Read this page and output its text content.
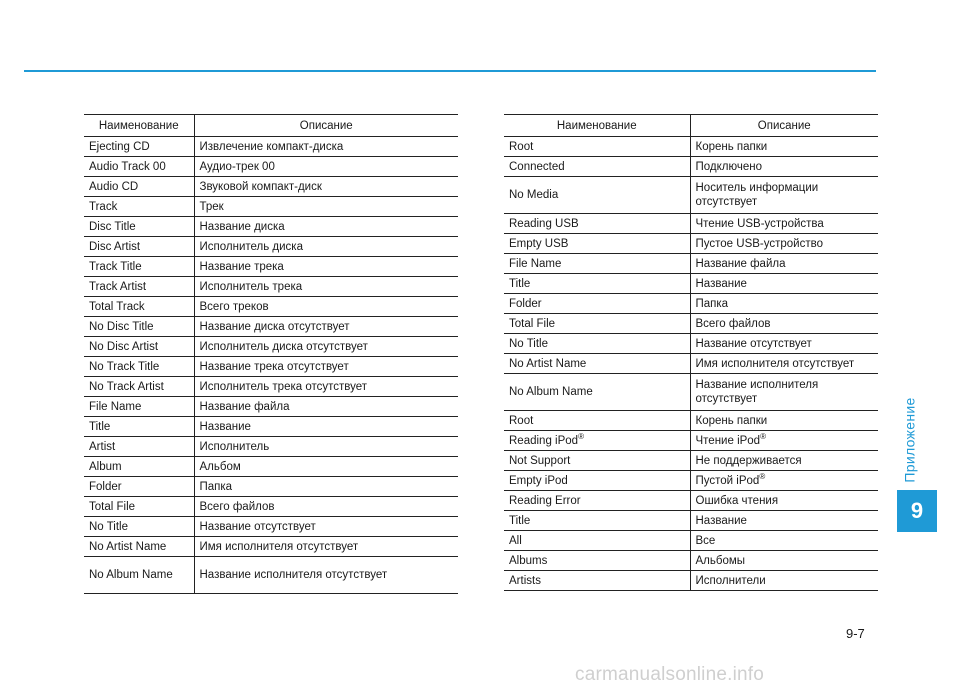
Приложение
9
Наименование	Описание
Ejecting CD	Извлечение компакт-диска
Audio Track 00	Аудио-трек 00
Audio CD	Звуковой компакт-диск
Track	Трек
Disc Title	Название диска
Disc Artist	Исполнитель диска
Track Title	Название трека
Track Artist	Исполнитель трека
Total Track	Всего треков
No Disc Title	Название диска отсутствует
No Disc Artist	Исполнитель диска отсутствует
No Track Title	Название трека отсутствует
No Track Artist	Исполнитель трека отсутствует
File Name	Название файла
Title	Название
Artist	Исполнитель
Album	Альбом
Folder	Папка
Total File	Всего файлов
No Title	Название отсутствует
No Artist Name	Имя исполнителя отсутствует
No Album Name	Название исполнителя отсутствует
Наименование	Описание
Root	Корень папки
Connected	Подключено
No Media	Носитель информации отсутствует
Reading USB	Чтение USB-устройства
Empty USB	Пустое USB-устройство
File Name	Название файла
Title	Название
Folder	Папка
Total File	Всего файлов
No Title	Название отсутствует
No Artist Name	Имя исполнителя отсутствует
No Album Name	Название исполнителя отсутствует
Root	Корень папки
Reading iPod®	Чтение iPod®
Not Support	Не поддерживается
Empty iPod	Пустой iPod®
Reading Error	Ошибка чтения
Title	Название
All	Все
Albums	Альбомы
Artists	Исполнители
9-7
carmanualsonline.info
